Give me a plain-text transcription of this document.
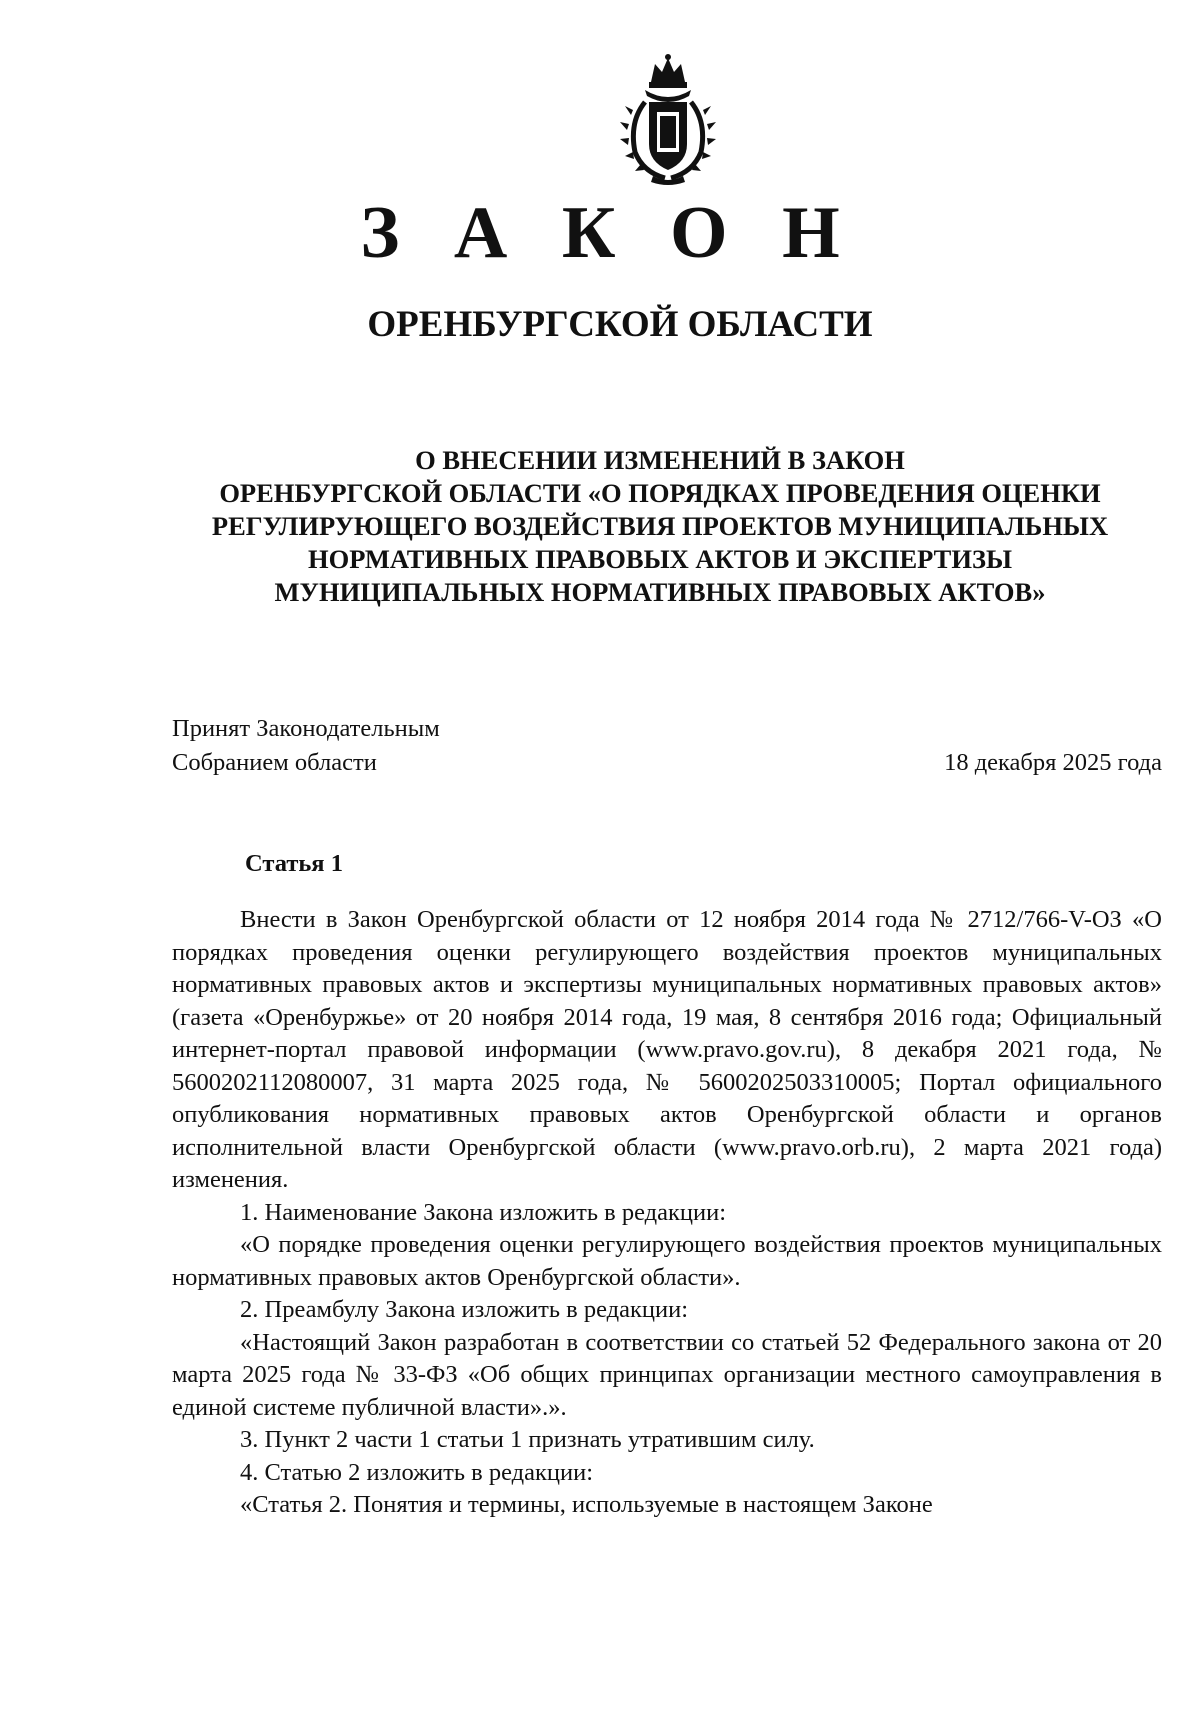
З А К О Н
ОРЕНБУРГСКОЙ ОБЛАСТИ
О ВНЕСЕНИИ ИЗМЕНЕНИЙ В ЗАКОН
ОРЕНБУРГСКОЙ ОБЛАСТИ «О ПОРЯДКАХ ПРОВЕДЕНИЯ ОЦЕНКИ
РЕГУЛИРУЮЩЕГО ВОЗДЕЙСТВИЯ ПРОЕКТОВ МУНИЦИПАЛЬНЫХ
НОРМАТИВНЫХ ПРАВОВЫХ АКТОВ И ЭКСПЕРТИЗЫ
МУНИЦИПАЛЬНЫХ НОРМАТИВНЫХ ПРАВОВЫХ АКТОВ»
Принят Законодательным
Собранием области	18 декабря 2025 года
Статья 1

Внести в Закон Оренбургской области от 12 ноября 2014 года № 2712/766-V-ОЗ «О порядках проведения оценки регулирующего воздействия проектов муниципальных нормативных правовых актов и экспертизы муниципальных нормативных правовых актов» (газета «Оренбуржье» от 20 ноября 2014 года, 19 мая, 8 сентября 2016 года; Официальный интернет-портал правовой информации (www.pravo.gov.ru), 8 декабря 2021 года, № 5600202112080007, 31 марта 2025 года, № 5600202503310005; Портал официального опубликования нормативных правовых актов Оренбургской области и органов исполнительной власти Оренбургской области (www.pravo.orb.ru), 2 марта 2021 года) изменения.

1. Наименование Закона изложить в редакции:

«О порядке проведения оценки регулирующего воздействия проектов муниципальных нормативных правовых актов Оренбургской области».

2. Преамбулу Закона изложить в редакции:

«Настоящий Закон разработан в соответствии со статьей 52 Федерального закона от 20 марта 2025 года № 33-ФЗ «Об общих принципах организации местного самоуправления в единой системе публичной власти».».

3. Пункт 2 части 1 статьи 1 признать утратившим силу.

4. Статью 2 изложить в редакции:

«Статья 2. Понятия и термины, используемые в настоящем Законе
